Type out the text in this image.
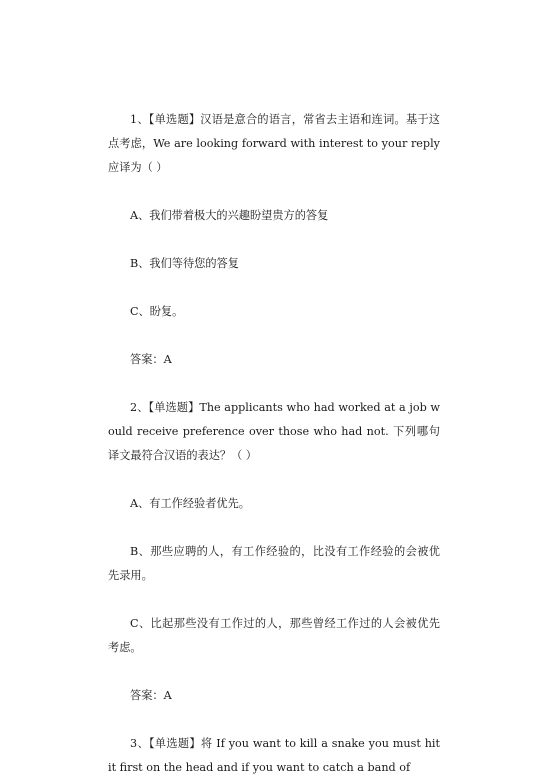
1、【单选题】汉语是意合的语言，常省去主语和连词。基于这点考虑，We are looking forward with interest to your reply 应译为（ ）

A、我们带着极大的兴趣盼望贵方的答复

B、我们等待您的答复

C、盼复。

答案：A

2、【单选题】The applicants who had worked at a job would receive preference over those who had not. 下列哪句译文最符合汉语的表达？（ ）

A、有工作经验者优先。

B、那些应聘的人，有工作经验的，比没有工作经验的会被优先录用。

C、比起那些没有工作过的人，那些曾经工作过的人会被优先考虑。

答案：A

3、【单选题】将 If you want to kill a snake you must hit it first on the head and if you want to catch a band of
